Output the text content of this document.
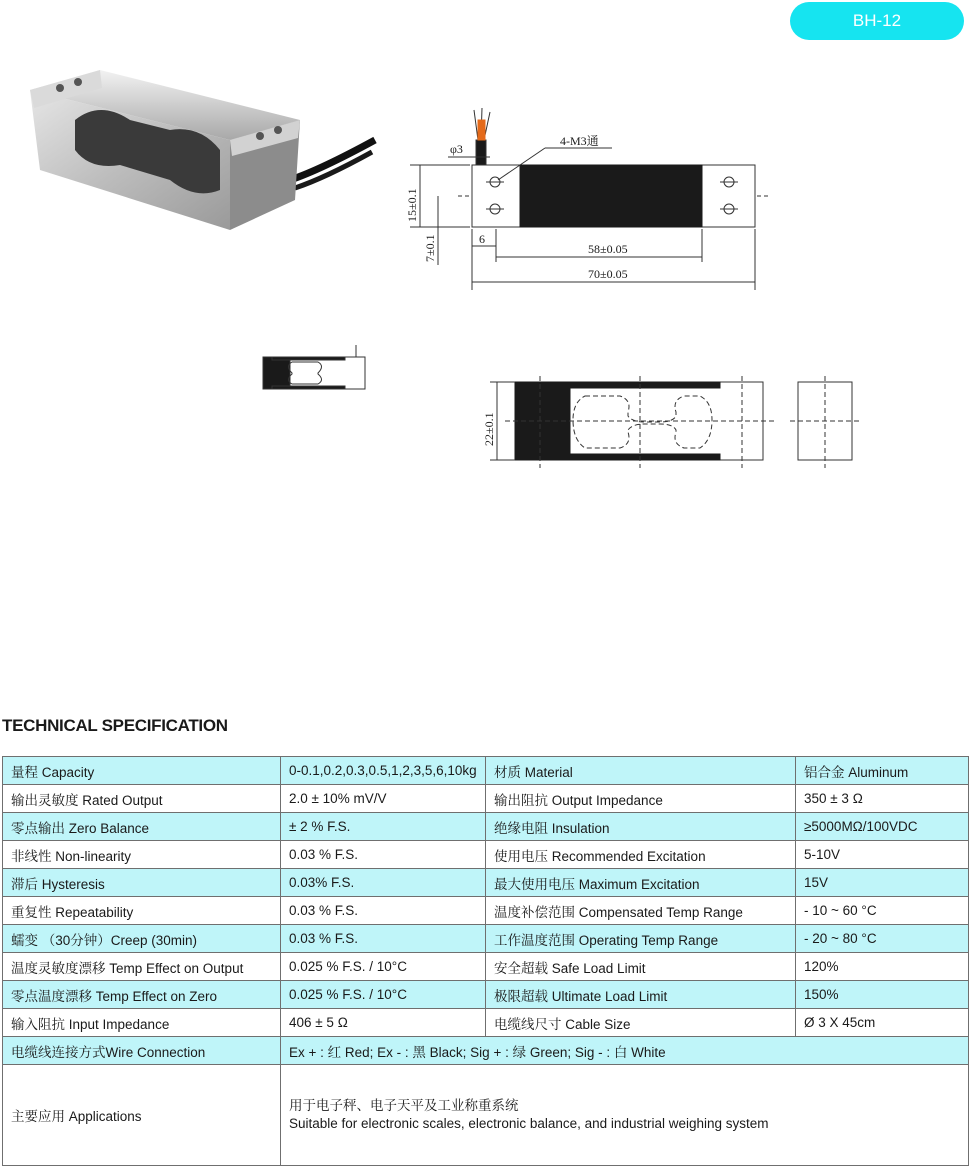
BH-12
φ3
4-M3通
15±0.1
7±0.1	6
58±0.05
70±0.05
22±0.1
TECHNICAL SPECIFICATION
量程 Capacity	0-0.1,0.2,0.3,0.5,1,2,3,5,6,10kg	材质 Material	铝合金 Aluminum
输出灵敏度 Rated Output	2.0 ± 10% mV/V	输出阻抗 Output Impedance	350 ± 3 Ω
零点输出 Zero Balance	± 2 % F.S.	绝缘电阻 Insulation	≥5000MΩ/100VDC
非线性 Non-linearity	0.03 % F.S.	使用电压 Recommended Excitation	5-10V
滞后 Hysteresis	0.03% F.S.	最大使用电压 Maximum Excitation	15V
重复性 Repeatability	0.03 % F.S.	温度补偿范围 Compensated Temp Range	- 10 ~ 60 °C
蠕变 （30分钟）Creep (30min)	0.03 % F.S.	工作温度范围 Operating Temp Range	- 20 ~ 80 °C
温度灵敏度漂移 Temp Effect on Output	0.025 % F.S. / 10°C	安全超载 Safe Load Limit	120%
零点温度漂移 Temp Effect on Zero	0.025 % F.S. / 10°C	极限超载 Ultimate Load Limit	150%
输入阻抗 Input Impedance	406 ± 5 Ω	电缆线尺寸 Cable Size	Ø 3 X 45cm
电缆线连接方式Wire Connection	Ex + : 红 Red; Ex - : 黑 Black; Sig + : 绿 Green; Sig - : 白 White		
主要应用 Applications	用于电子秤、电子天平及工业称重系统
Suitable for electronic scales, electronic balance, and industrial weighing system		
